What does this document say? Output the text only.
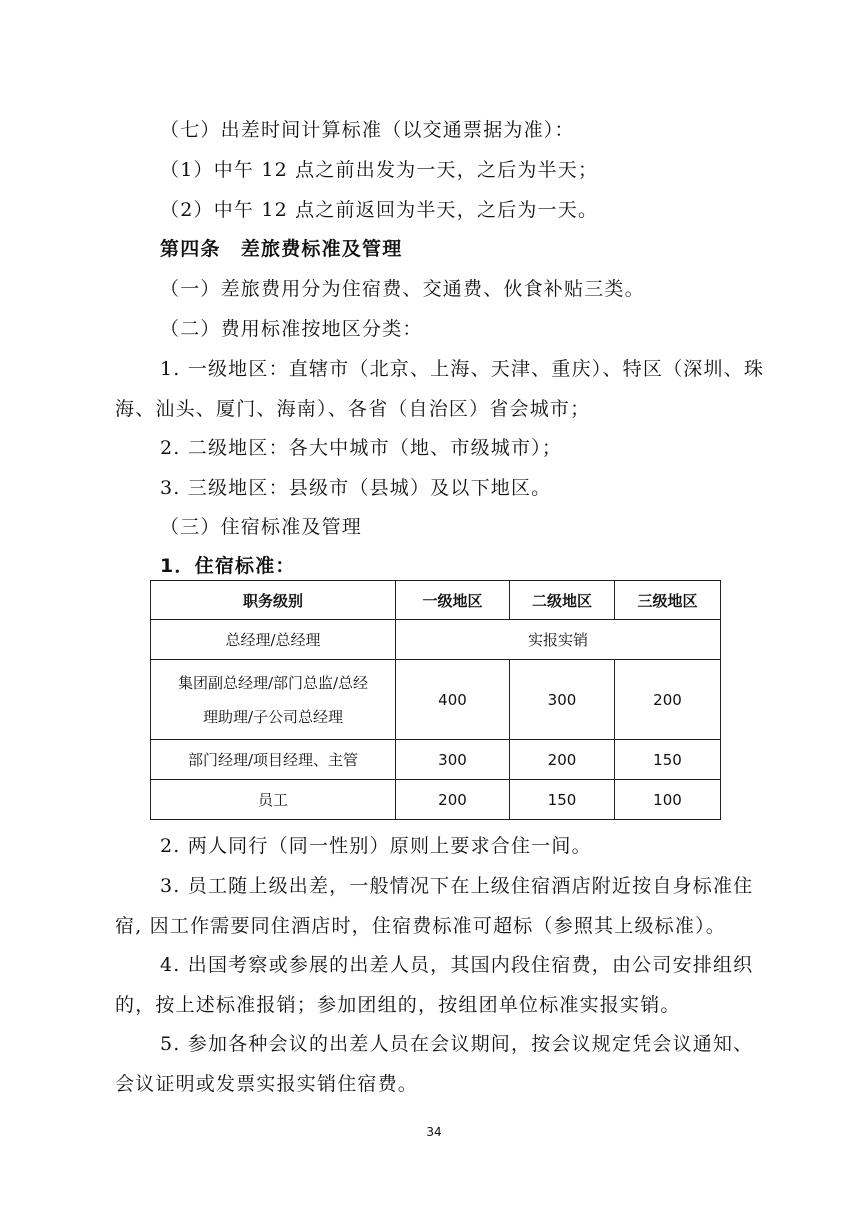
（七）出差时间计算标准（以交通票据为准）：
（1）中午 12 点之前出发为一天，之后为半天；
（2）中午 12 点之前返回为半天，之后为一天。
第四条　差旅费标准及管理
（一）差旅费用分为住宿费、交通费、伙食补贴三类。
（二）费用标准按地区分类：
1. 一级地区：直辖市（北京、上海、天津、重庆）、特区（深圳、珠
海、汕头、厦门、海南）、各省（自治区）省会城市；
2. 二级地区：各大中城市（地、市级城市）；
3. 三级地区：县级市（县城）及以下地区。
（三）住宿标准及管理
1．住宿标准：
职务级别	一级地区	二级地区	三级地区
总经理/总经理	实报实销		

集团副总经理/部门总监/总经
理助理/子公司总经理	400	300	200
部门经理/项目经理、主管	300	200	150
员工	200	150	100
2. 两人同行（同一性别）原则上要求合住一间。
3. 员工随上级出差，一般情况下在上级住宿酒店附近按自身标准住
宿, 因工作需要同住酒店时，住宿费标准可超标（参照其上级标准）。
4. 出国考察或参展的出差人员，其国内段住宿费，由公司安排组织
的，按上述标准报销；参加团组的，按组团单位标准实报实销。
5. 参加各种会议的出差人员在会议期间，按会议规定凭会议通知、
会议证明或发票实报实销住宿费。
34
